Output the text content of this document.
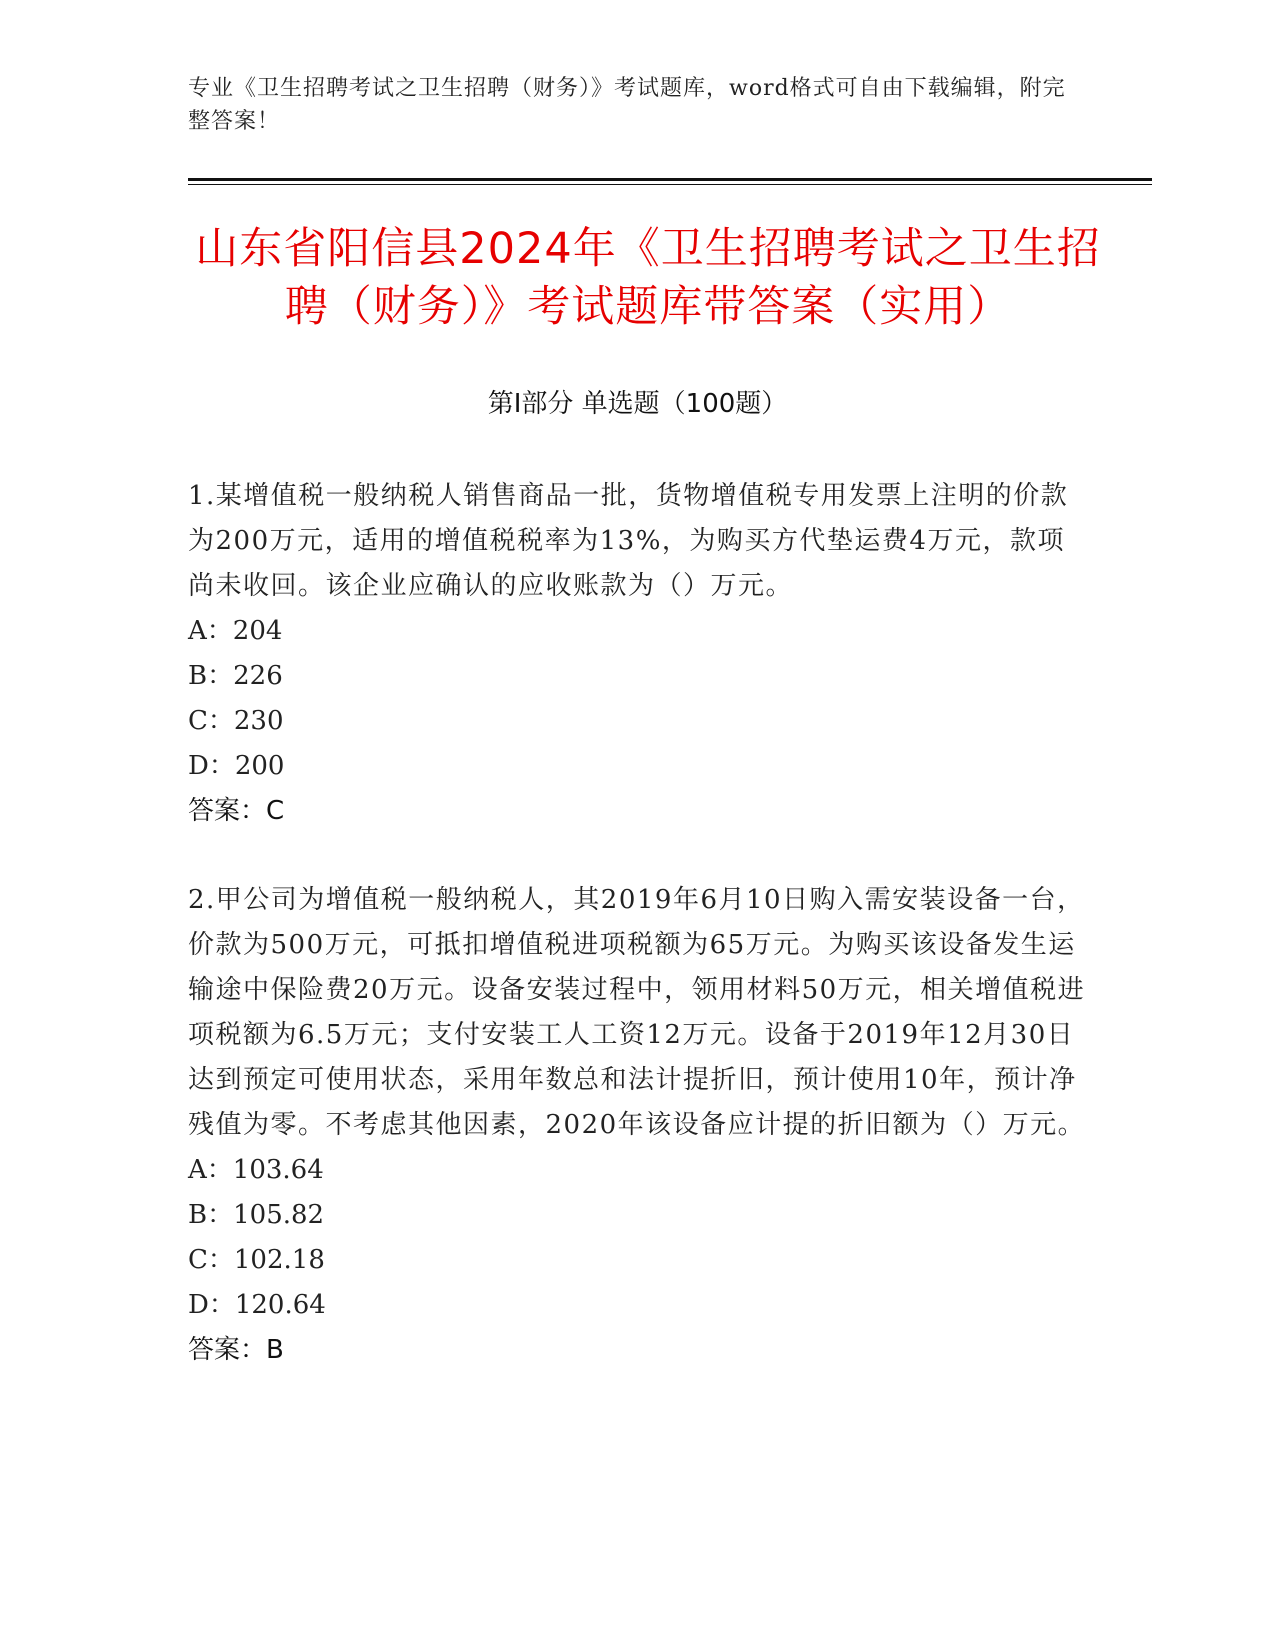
专业《卫生招聘考试之卫生招聘（财务）》考试题库，word格式可自由下载编辑，附完整答案！
山东省阳信县2024年《卫生招聘考试之卫生招聘（财务）》考试题库带答案（实用）
第Ⅰ部分 单选题（100题）
1.某增值税一般纳税人销售商品一批，货物增值税专用发票上注明的价款为200万元，适用的增值税税率为13%，为购买方代垫运费4万元，款项尚未收回。该企业应确认的应收账款为（）万元。
A：204
B：226
C：230
D：200
答案：C
2.甲公司为增值税一般纳税人，其2019年6月10日购入需安装设备一台，价款为500万元，可抵扣增值税进项税额为65万元。为购买该设备发生运输途中保险费20万元。设备安装过程中，领用材料50万元，相关增值税进项税额为6.5万元；支付安装工人工资12万元。设备于2019年12月30日达到预定可使用状态，采用年数总和法计提折旧，预计使用10年，预计净残值为零。不考虑其他因素，2020年该设备应计提的折旧额为（）万元。
A：103.64
B：105.82
C：102.18
D：120.64
答案：B
